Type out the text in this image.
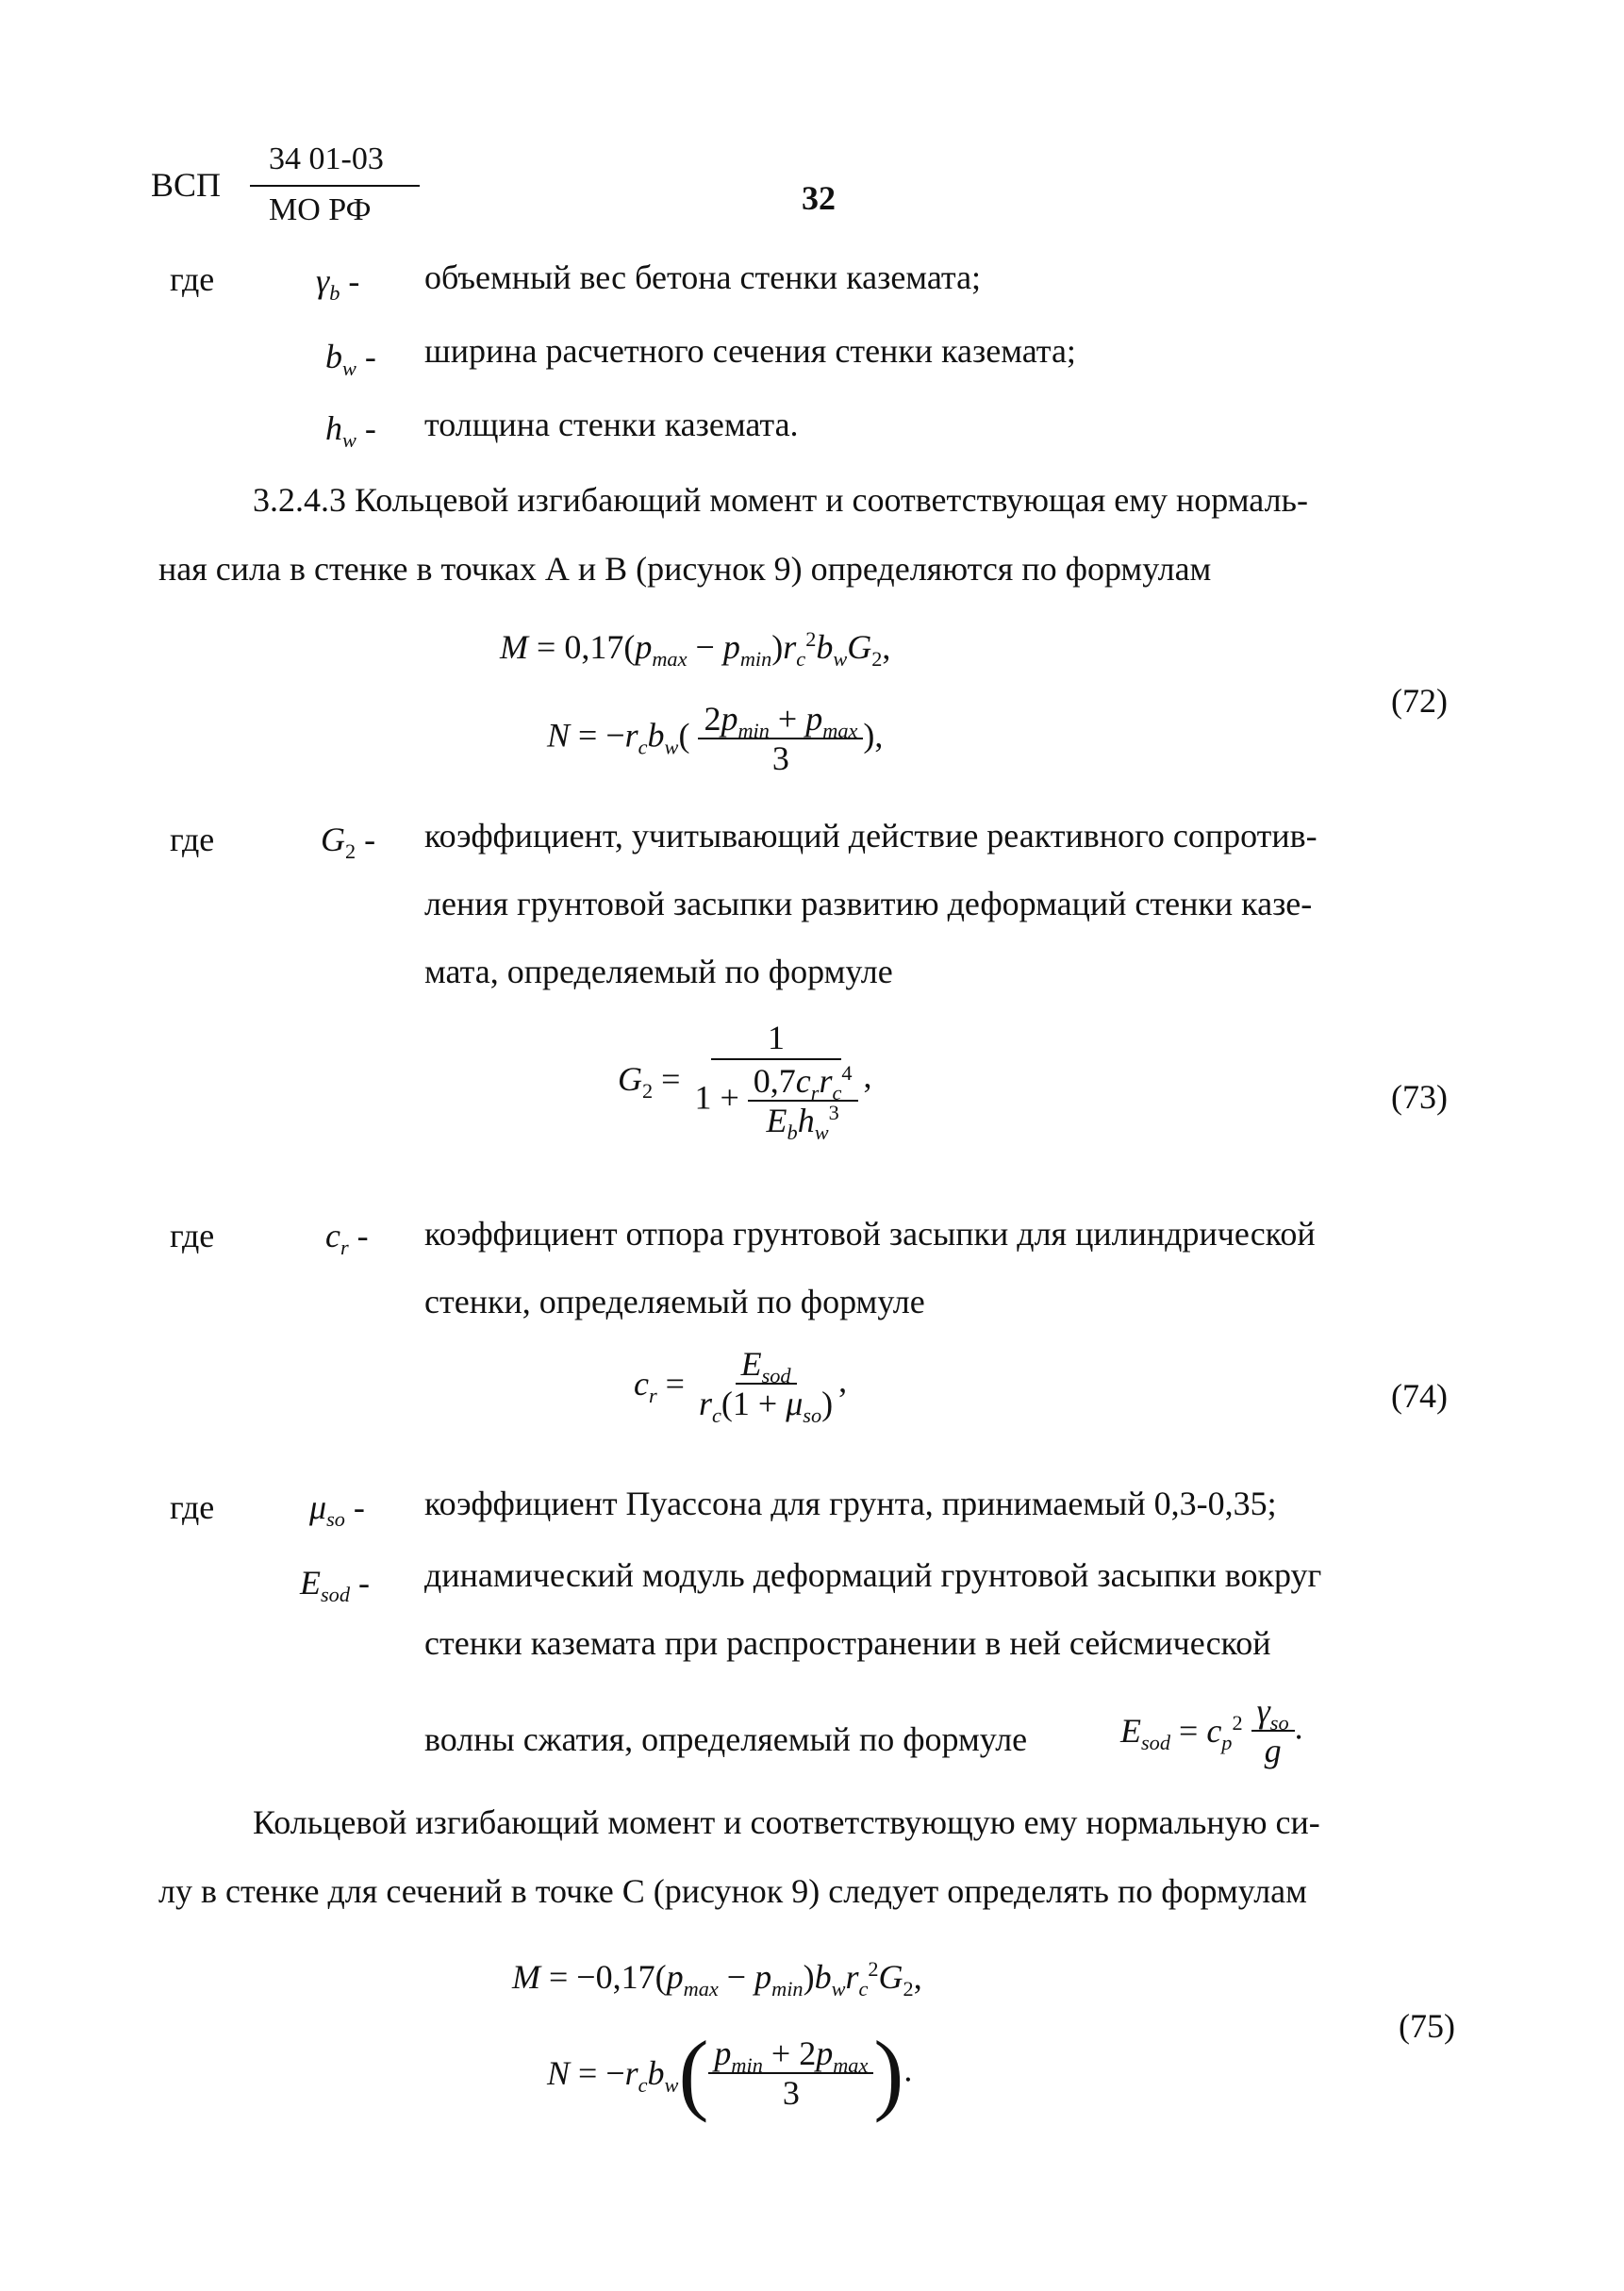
ВСП
34 01-03
МО РФ	32
где	$\gamma_b$ - объемный вес бетона стенки каземата;
$b_w$ - ширина расчетного сечения стенки каземата;
$h_w$ - толщина стенки каземата.
3.2.4.3 Кольцевой изгибающий момент и соответствующая ему нормаль-
ная сила в стенке в точках А и В (рисунок 9) определяются по формулам
$M = 0,17(p_{max} - p_{min})r_c^2b_wG_2$,
$N = -r_cb_w( \frac{2p_{min} + p_{max}}{3}$ ),
(72)
где	$G_2$ - коэффициент, учитывающий действие реактивного сопротив-
ления грунтовой засыпки развитию деформаций стенки казе-
мата, определяемый по формуле
$G_2 = \frac{1}{1 + \frac{0,7c_rr_c^4}{E_bh_w^3}}$ ,
(73)
где	$c_r$ - коэффициент отпора грунтовой засыпки для цилиндрической
стенки, определяемый по формуле
$c_r = \frac{E_{sod}}{r_c(1 + \mu_{so})}$ ,	(74)
где	$\mu_{so}$ - коэффициент Пуассона для грунта, принимаемый 0,3-0,35;
$E_{sod}$ - динамический модуль деформаций грунтовой засыпки вокруг
стенки каземата при распространении в ней сейсмической
волны сжатия, определяемый по формуле	$E_{sod} = c_p^2 \frac{\gamma_{so}}{g}$ .
Кольцевой изгибающий момент и соответствующую ему нормальную си-
лу в стенке для сечений в точке С (рисунок 9) следует определять по формулам
$M = -0,17(p_{max} - p_{min})b_wr_c^2G_2$,
$N = -r_cb_w( \frac{p_{min} + 2p_{max}}{3}$ ).
(75)
